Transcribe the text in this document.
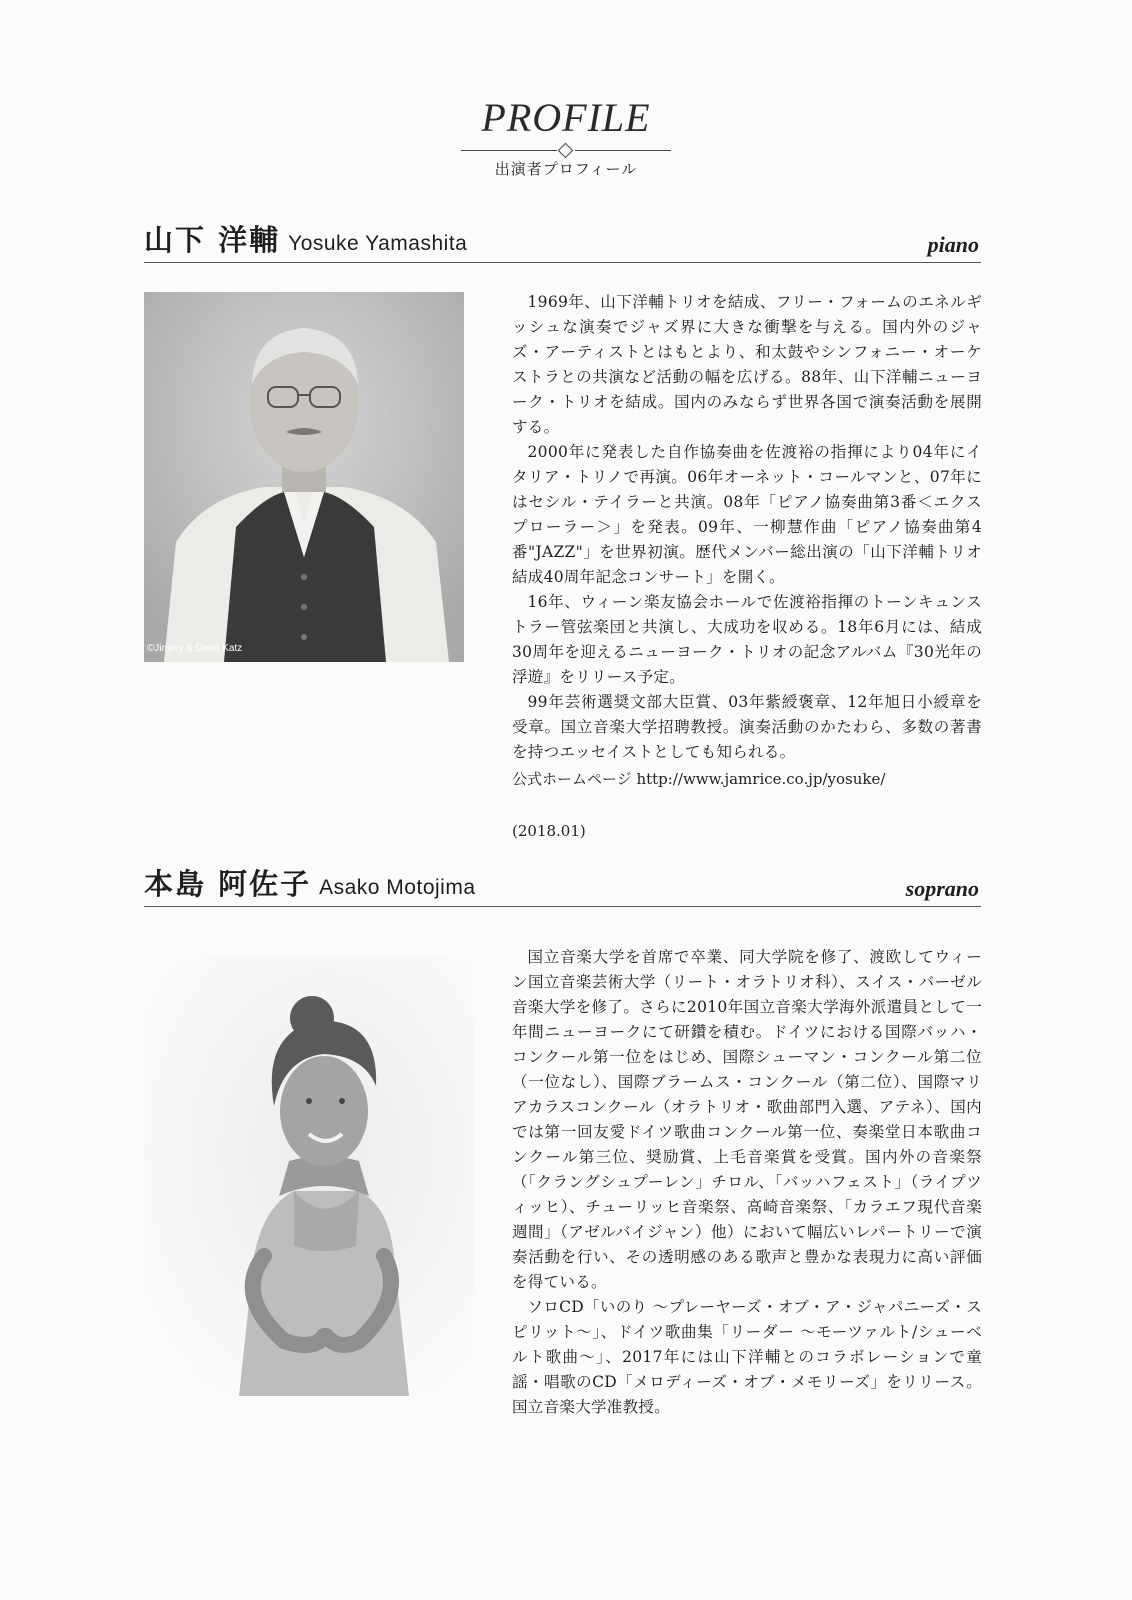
PROFILE
出演者プロフィール
山下 洋輔 Yosuke Yamashita	piano
©Jimmy & Dena Katz

1969年、山下洋輔トリオを結成、フリー・フォームのエネルギッシュな演奏でジャズ界に大きな衝撃を与える。国内外のジャズ・アーティストとはもとより、和太鼓やシンフォニー・オーケストラとの共演など活動の幅を広げる。88年、山下洋輔ニューヨーク・トリオを結成。国内のみならず世界各国で演奏活動を展開する。

2000年に発表した自作協奏曲を佐渡裕の指揮により04年にイタリア・トリノで再演。06年オーネット・コールマンと、07年にはセシル・テイラーと共演。08年「ピアノ協奏曲第3番＜エクスプローラー＞」を発表。09年、一柳慧作曲「ピアノ協奏曲第4番"JAZZ"」を世界初演。歴代メンバー総出演の「山下洋輔トリオ結成40周年記念コンサート」を開く。

16年、ウィーン楽友協会ホールで佐渡裕指揮のトーンキュンストラー管弦楽団と共演し、大成功を収める。18年6月には、結成30周年を迎えるニューヨーク・トリオの記念アルバム『30光年の浮遊』をリリース予定。

99年芸術選奨文部大臣賞、03年紫綬褒章、12年旭日小綬章を受章。国立音楽大学招聘教授。演奏活動のかたわら、多数の著書を持つエッセイストとしても知られる。

公式ホームページ http://www.jamrice.co.jp/yosuke/
(2018.01)
本島 阿佐子 Asako Motojima	soprano

国立音楽大学を首席で卒業、同大学院を修了、渡欧してウィーン国立音楽芸術大学（リート・オラトリオ科）、スイス・バーゼル音楽大学を修了。さらに2010年国立音楽大学海外派遣員として一年間ニューヨークにて研鑽を積む。ドイツにおける国際バッハ・コンクール第一位をはじめ、国際シューマン・コンクール第二位（一位なし）、国際ブラームス・コンクール（第二位）、国際マリアカラスコンクール（オラトリオ・歌曲部門入選、アテネ）、国内では第一回友愛ドイツ歌曲コンクール第一位、奏楽堂日本歌曲コンクール第三位、奨励賞、上毛音楽賞を受賞。国内外の音楽祭（「クラングシュプーレン」チロル、「バッハフェスト」（ライプツィッヒ）、チューリッヒ音楽祭、高崎音楽祭、「カラエフ現代音楽週間」（アゼルバイジャン）他）において幅広いレパートリーで演奏活動を行い、その透明感のある歌声と豊かな表現力に高い評価を得ている。

ソロCD「いのり ～プレーヤーズ・オブ・ア・ジャパニーズ・スピリット～」、ドイツ歌曲集「リーダー ～モーツァルト/シューベルト歌曲～」、2017年には山下洋輔とのコラボレーションで童謡・唱歌のCD「メロディーズ・オブ・メモリーズ」をリリース。国立音楽大学准教授。
